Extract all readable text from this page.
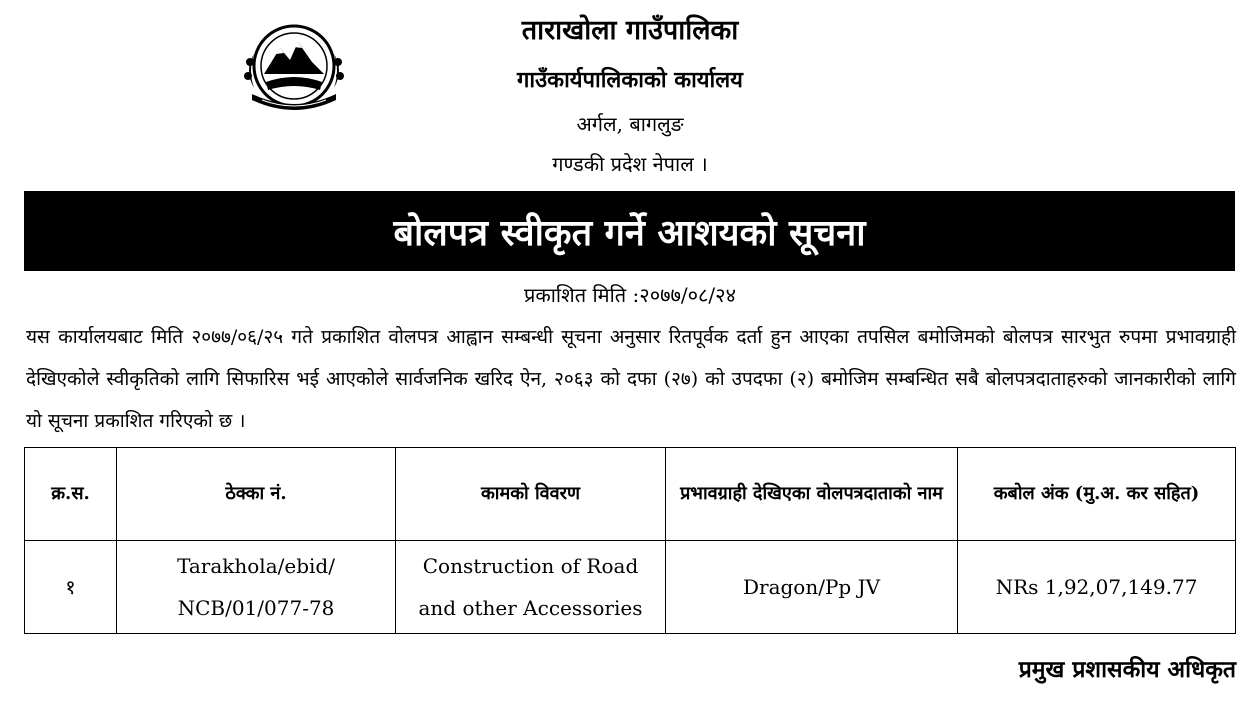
ताराखोला गाउँपालिका
गाउँकार्यपालिकाको कार्यालय
अर्गल, बागलुङ
गण्डकी प्रदेश नेपाल ।
बोलपत्र स्वीकृत गर्ने आशयको सूचना
प्रकाशित मिति :२०७७/०८/२४
यस कार्यालयबाट मिति २०७७/०६/२५ गते प्रकाशित वोलपत्र आह्वान सम्बन्धी सूचना अनुसार रितपूर्वक दर्ता हुन आएका तपसिल बमोजिमको बोलपत्र सारभुत रुपमा प्रभावग्राही देखिएकोले स्वीकृतिको लागि सिफारिस भई आएकोले सार्वजनिक खरिद ऐन, २०६३ को दफा (२७) को उपदफा (२) बमोजिम सम्बन्धित सबै बोलपत्रदाताहरुको जानकारीको लागि यो सूचना प्रकाशित गरिएको छ ।
क्र.स.	ठेक्का नं.	कामको विवरण	प्रभावग्राही देखिएका वोलपत्रदाताको नाम	कबोल अंक (मु.अ. कर सहित)
१	Tarakhola/ebid/ NCB/01/077-78	Construction of Road and other Accessories	Dragon/Pp JV	NRs 1,92,07,149.77
प्रमुख प्रशासकीय अधिकृत
